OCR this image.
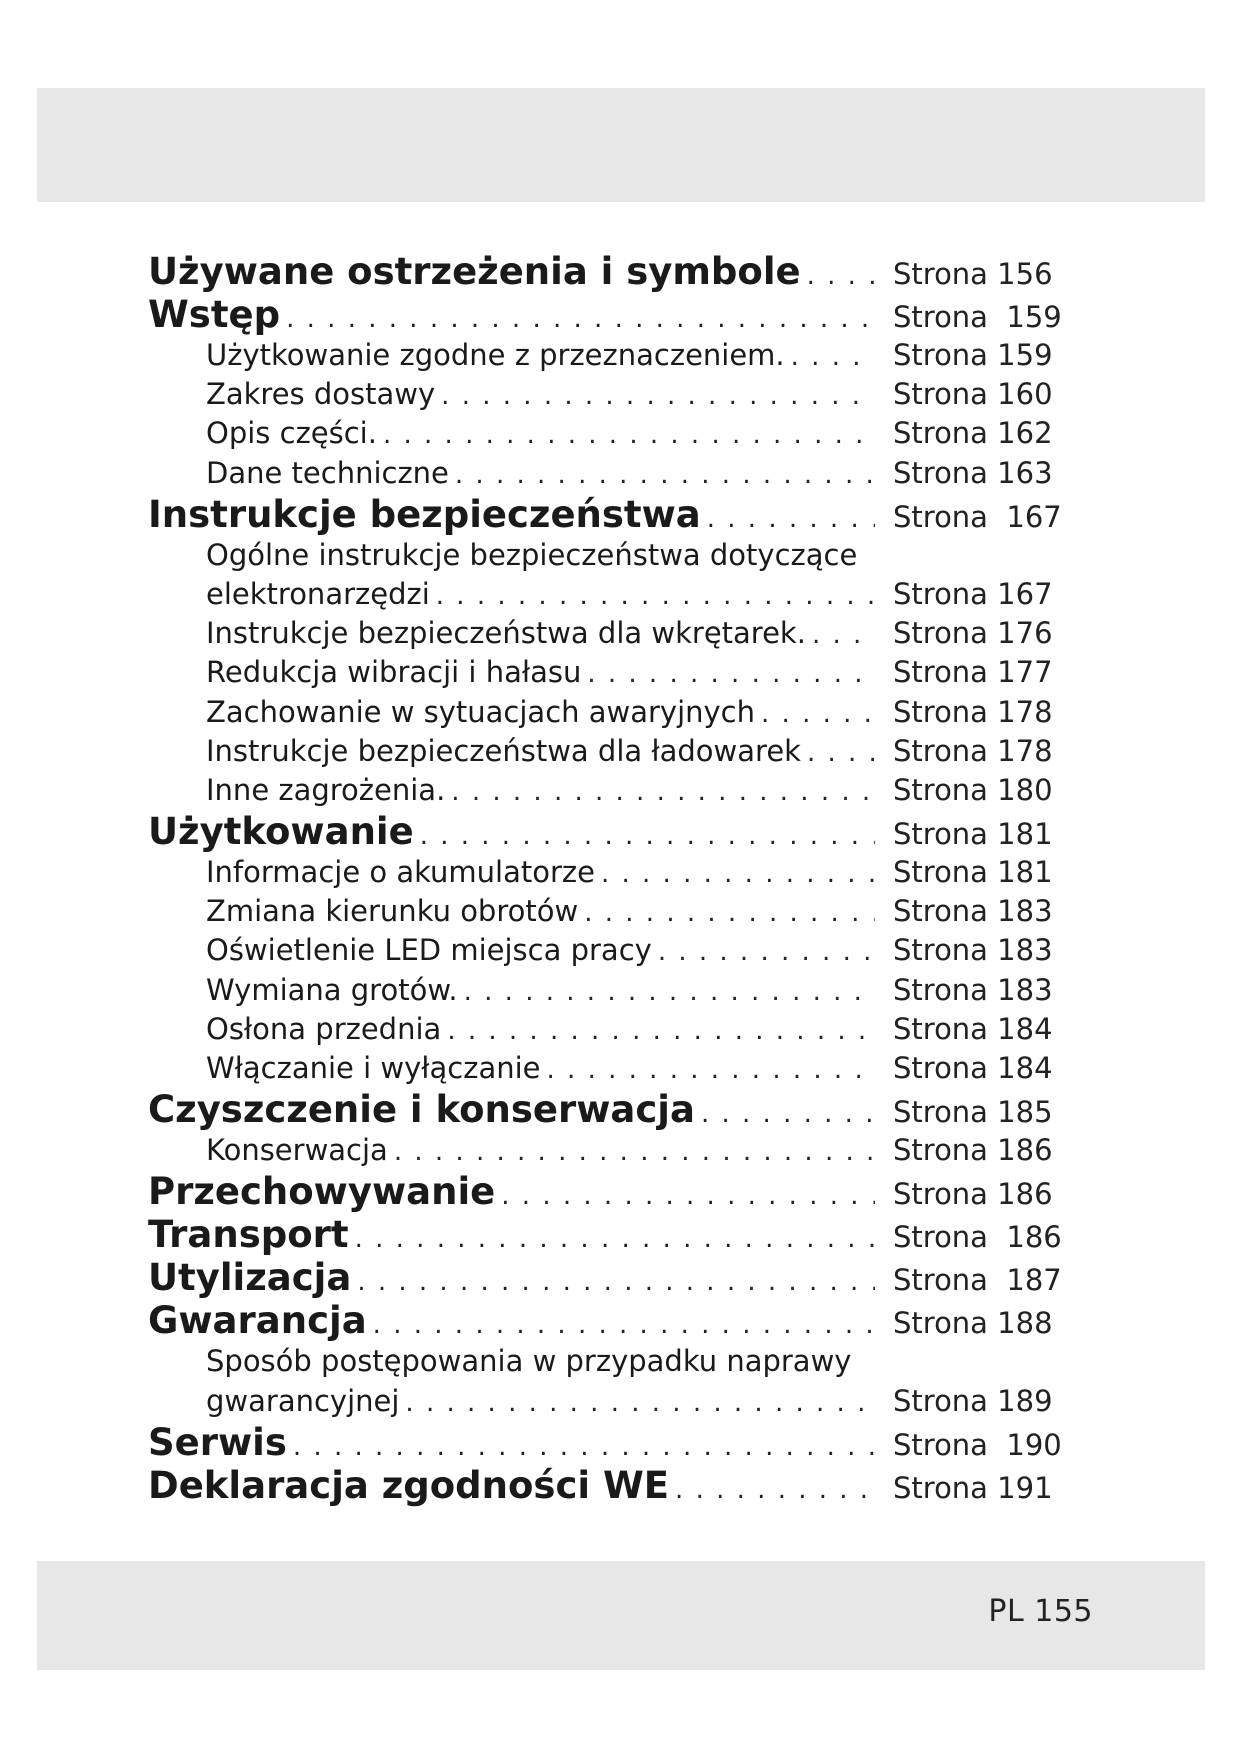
Używane ostrzeżenia i symbole . . .	Strona 156
Wstęp . . .	Strona  159
Użytkowanie zgodne z przeznaczeniem. . . .	Strona 159
Zakres dostawy . . .	Strona 160
Opis części. . . .	Strona 162
Dane techniczne . . .	Strona 163
Instrukcje bezpieczeństwa . . .	Strona  167
Ogólne instrukcje bezpieczeństwa dotyczące
elektronarzędzi . . .	Strona 167
Instrukcje bezpieczeństwa dla wkrętarek. . . .	Strona 176
Redukcja wibracji i hałasu . . .	Strona 177
Zachowanie w sytuacjach awaryjnych . . .	Strona 178
Instrukcje bezpieczeństwa dla ładowarek . . .	Strona 178
Inne zagrożenia. . . .	Strona 180
Użytkowanie . . .	Strona 181
Informacje o akumulatorze . . .	Strona 181
Zmiana kierunku obrotów . . .	Strona 183
Oświetlenie LED miejsca pracy . . .	Strona 183
Wymiana grotów. . . .	Strona 183
Osłona przednia . . .	Strona 184
Włączanie i wyłączanie . . .	Strona 184
Czyszczenie i konserwacja . . .	Strona 185
Konserwacja . . .	Strona 186
Przechowywanie . . .	Strona 186
Transport . . .	Strona  186
Utylizacja . . .	Strona  187
Gwarancja . . .	Strona 188
Sposób postępowania w przypadku naprawy
gwarancyjnej . . .	Strona 189
Serwis . . .	Strona  190
Deklaracja zgodności WE . . .	Strona 191
PL 155
